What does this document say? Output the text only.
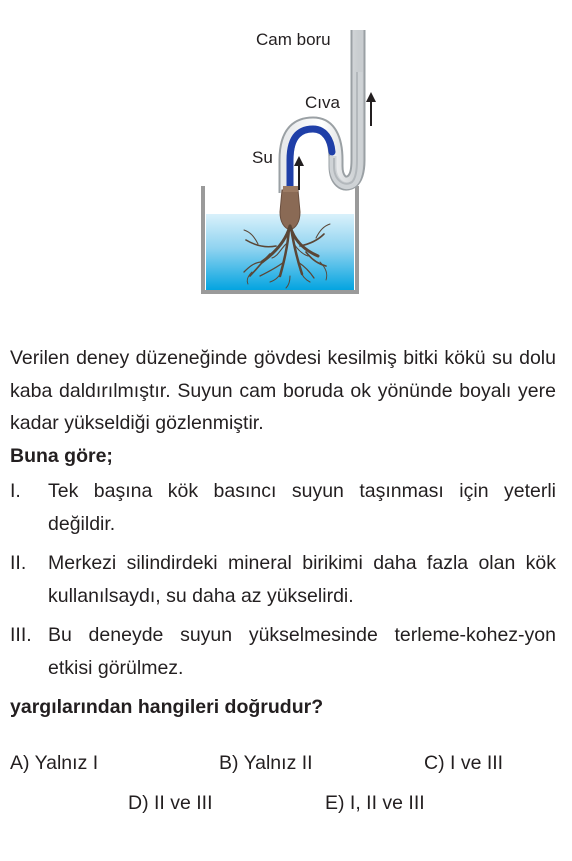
Cam boru
Cıva
Su

Verilen deney düzeneğinde gövdesi kesilmiş bitki kökü su dolu kaba daldırılmıştır. Suyun cam boruda ok yönünde boyalı yere kadar yükseldiği gözlenmiştir.

Buna göre;

I. Tek başına kök basıncı suyun taşınması için yeterli değildir.
II. Merkezi silindirdeki mineral birikimi daha fazla olan kök kullanılsaydı, su daha az yükselirdi.
III. Bu deneyde suyun yükselmesinde terleme-kohez-yon etkisi görülmez.

yargılarından hangileri doğrudur?

A) Yalnız I	B) Yalnız II	C) I ve III
D) II ve III	E) I, II ve III
